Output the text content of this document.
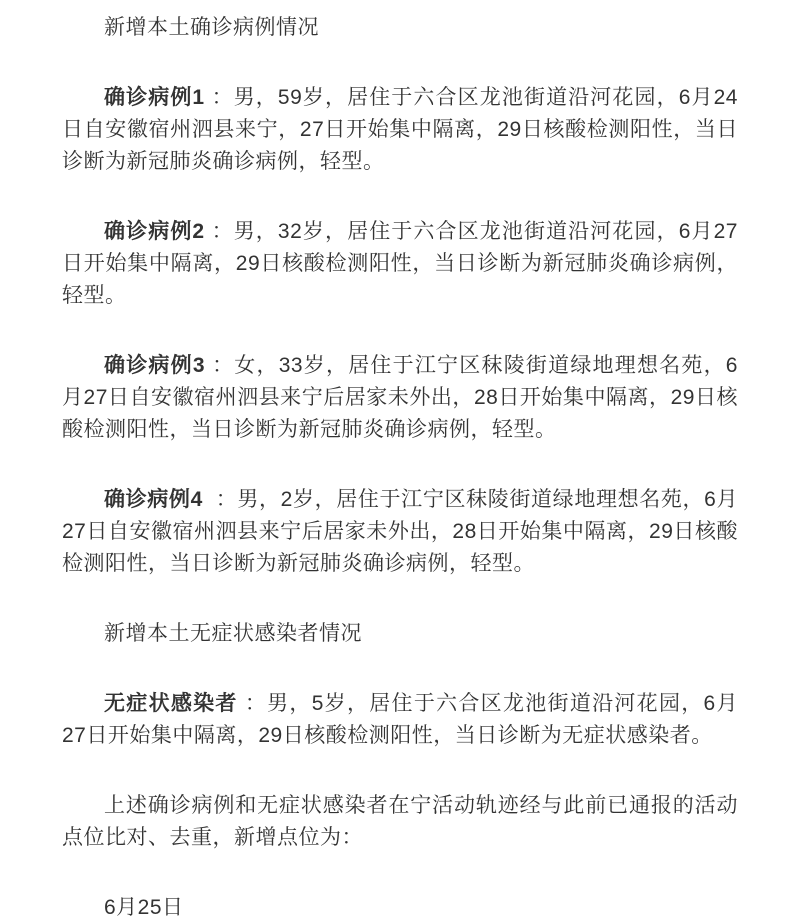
新增本土确诊病例情况

确诊病例1 ：男，59岁，居住于六合区龙池街道沿河花园，6月24日自安徽宿州泗县来宁，27日开始集中隔离，29日核酸检测阳性，当日诊断为新冠肺炎确诊病例，轻型。

确诊病例2 ：男，32岁，居住于六合区龙池街道沿河花园，6月27日开始集中隔离，29日核酸检测阳性，当日诊断为新冠肺炎确诊病例，轻型。

确诊病例3 ：女，33岁，居住于江宁区秣陵街道绿地理想名苑，6月27日自安徽宿州泗县来宁后居家未外出，28日开始集中隔离，29日核酸检测阳性，当日诊断为新冠肺炎确诊病例，轻型。

确诊病例4  ：男，2岁，居住于江宁区秣陵街道绿地理想名苑，6月27日自安徽宿州泗县来宁后居家未外出，28日开始集中隔离，29日核酸检测阳性，当日诊断为新冠肺炎确诊病例，轻型。

新增本土无症状感染者情况

无症状感染者 ：男，5岁，居住于六合区龙池街道沿河花园，6月27日开始集中隔离，29日核酸检测阳性，当日诊断为无症状感染者。

上述确诊病例和无症状感染者在宁活动轨迹经与此前已通报的活动点位比对、去重，新增点位为：

6月25日
